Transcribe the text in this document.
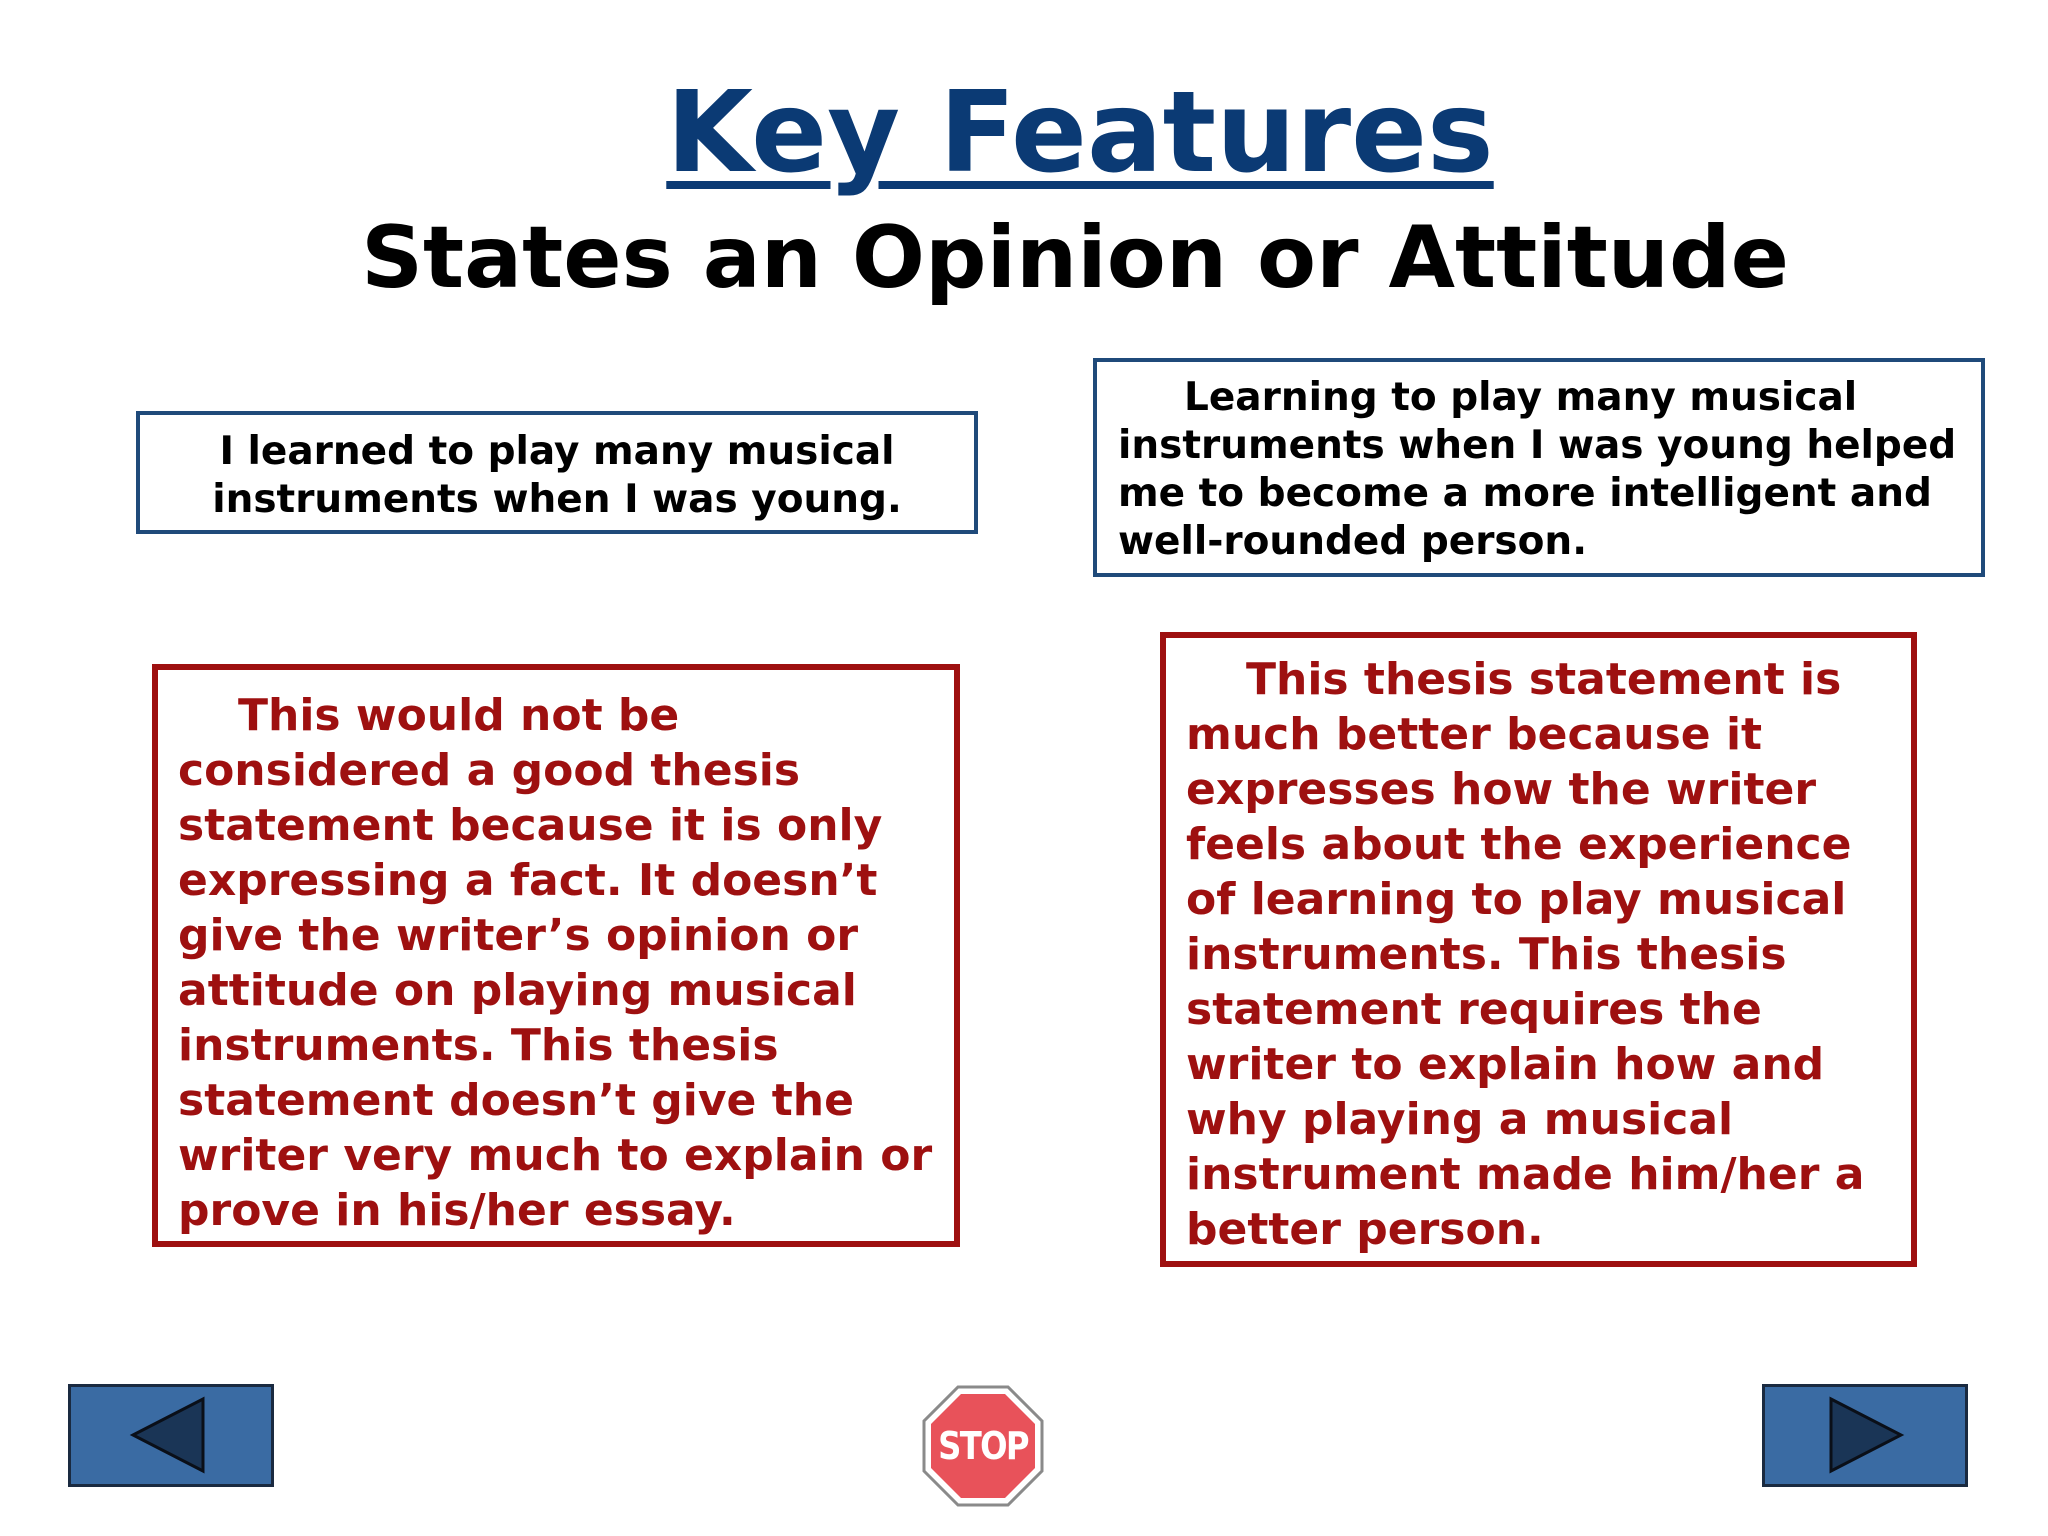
Key Features
States an Opinion or Attitude
I learned to play many musical instruments when I was young.
Learning to play many musical instruments when I was young helped me to become a more intelligent and well-rounded person.
This would not be considered a good thesis statement because it is only expressing a fact. It doesn’t give the writer’s opinion or attitude on playing musical instruments. This thesis statement doesn’t give the writer very much to explain or prove in his/her essay.
This thesis statement is much better because it expresses how the writer feels about the experience of learning to play musical instruments. This thesis statement requires the writer to explain how and why playing a musical instrument made him/her a better person.
STOP
